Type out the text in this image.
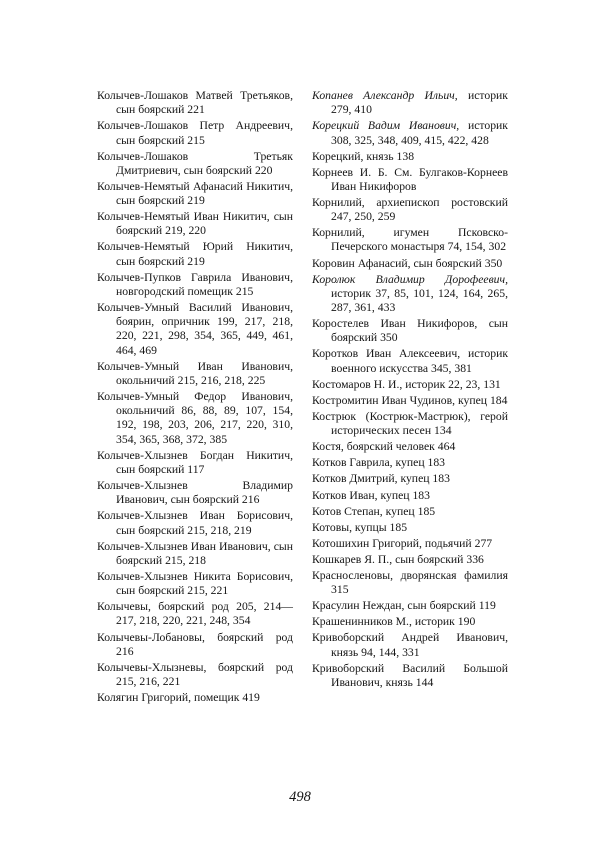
Колычев-Лошаков Матвей Третьяков, сын боярский 221

Колычев-Лошаков Петр Андреевич, сын боярский 215

Колычев-Лошаков Третьяк Дмитриевич, сын боярский 220

Колычев-Немятый Афанасий Никитич, сын боярский 219

Колычев-Немятый Иван Никитич, сын боярский 219, 220

Колычев-Немятый Юрий Никитич, сын боярский 219

Колычев-Пупков Гаврила Иванович, новгородский помещик 215

Колычев-Умный Василий Иванович, боярин, опричник 199, 217, 218, 220, 221, 298, 354, 365, 449, 461, 464, 469

Колычев-Умный Иван Иванович, окольничий 215, 216, 218, 225

Колычев-Умный Федор Иванович, окольничий 86, 88, 89, 107, 154, 192, 198, 203, 206, 217, 220, 310, 354, 365, 368, 372, 385

Колычев-Хлызнев Богдан Никитич, сын боярский 117

Колычев-Хлызнев Владимир Иванович, сын боярский 216

Колычев-Хлызнев Иван Борисович, сын боярский 215, 218, 219

Колычев-Хлызнев Иван Иванович, сын боярский 215, 218

Колычев-Хлызнев Никита Борисович, сын боярский 215, 221

Колычевы, боярский род 205, 214—217, 218, 220, 221, 248, 354

Колычевы-Лобановы, боярский род 216

Колычевы-Хлызневы, боярский род 215, 216, 221

Колягин Григорий, помещик 419

Копанев Александр Ильич, историк 279, 410

Корецкий Вадим Иванович, историк 308, 325, 348, 409, 415, 422, 428

Корецкий, князь 138

Корнеев И. Б. См. Булгаков-Корнеев Иван Никифоров

Корнилий, архиепископ ростовский 247, 250, 259

Корнилий, игумен Псковско-Печерского монастыря 74, 154, 302

Коровин Афанасий, сын боярский 350

Королюк Владимир Дорофеевич, историк 37, 85, 101, 124, 164, 265, 287, 361, 433

Коростелев Иван Никифоров, сын боярский 350

Коротков Иван Алексеевич, историк военного искусства 345, 381

Костомаров Н. И., историк 22, 23, 131

Костромитин Иван Чудинов, купец 184

Кострюк (Кострюк-Мастрюк), герой исторических песен 134

Костя, боярский человек 464

Котков Гаврила, купец 183

Котков Дмитрий, купец 183

Котков Иван, купец 183

Котов Степан, купец 185

Котовы, купцы 185

Котошихин Григорий, подьячий 277

Кошкарев Я. П., сын боярский 336

Красносленовы, дворянская фамилия 315

Красулин Неждан, сын боярский 119

Крашенинников М., историк 190

Кривоборский Андрей Иванович, князь 94, 144, 331

Кривоборский Василий Большой Иванович, князь 144

498
